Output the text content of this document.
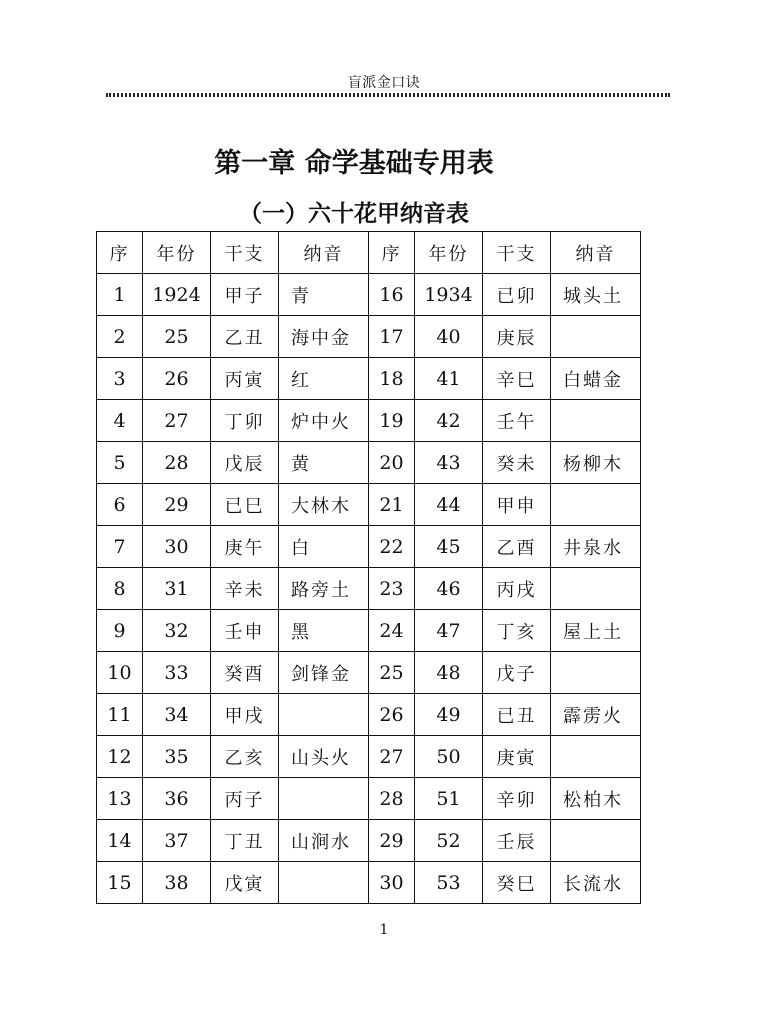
盲派金口诀
第一章 命学基础专用表
（一）六十花甲纳音表
序	年份	干支	纳音	序	年份	干支	纳音
1	1924	甲子	青	16	1934	已卯	城头土
2	25	乙丑	海中金	17	40	庚辰	
3	26	丙寅	红	18	41	辛巳	白蜡金
4	27	丁卯	炉中火	19	42	壬午	
5	28	戊辰	黄	20	43	癸未	杨柳木
6	29	已巳	大林木	21	44	甲申	
7	30	庚午	白	22	45	乙酉	井泉水
8	31	辛未	路旁土	23	46	丙戌	
9	32	壬申	黑	24	47	丁亥	屋上土
10	33	癸酉	剑锋金	25	48	戊子	
11	34	甲戌		26	49	已丑	霹雳火
12	35	乙亥	山头火	27	50	庚寅	
13	36	丙子		28	51	辛卯	松柏木
14	37	丁丑	山涧水	29	52	壬辰	
15	38	戊寅		30	53	癸巳	长流水
1
